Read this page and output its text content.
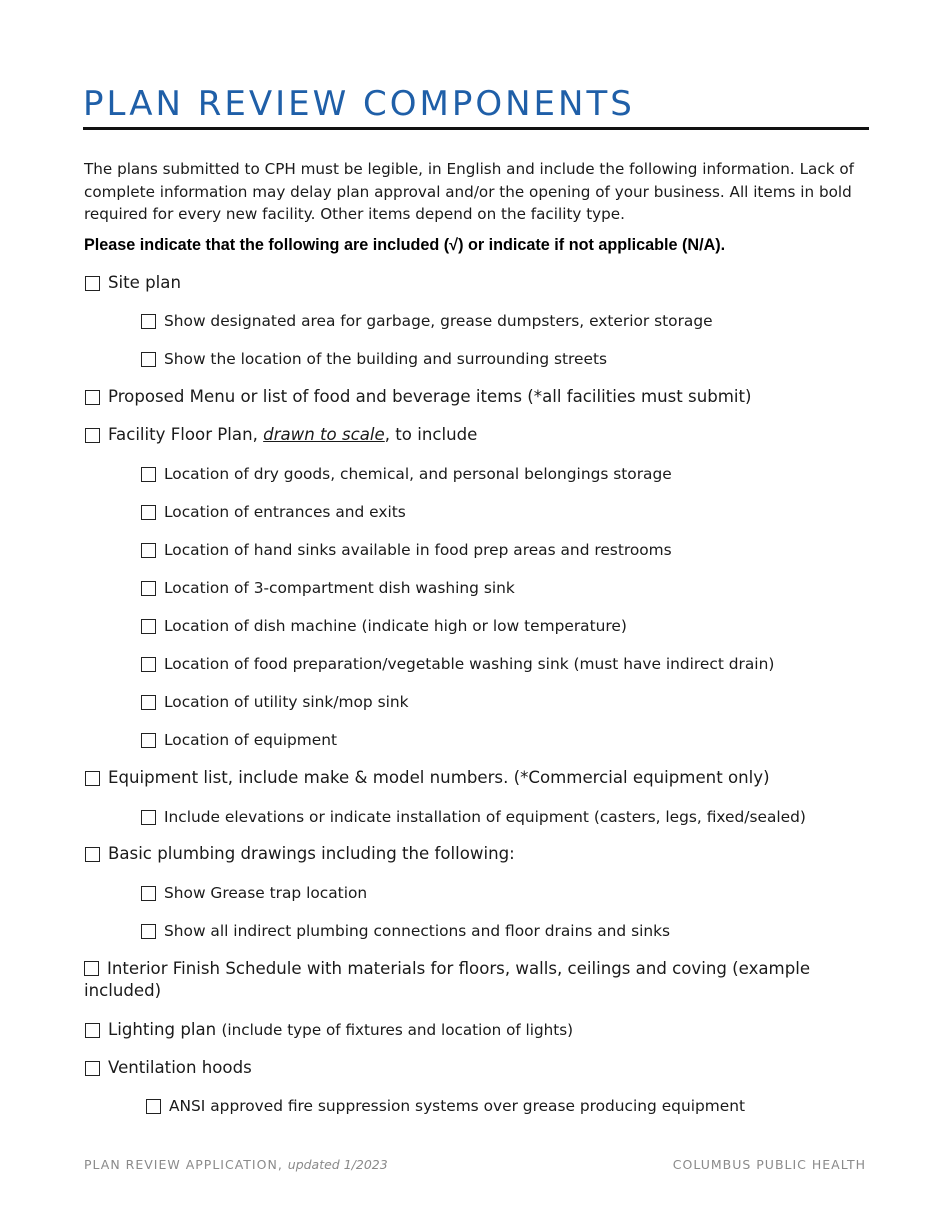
PLAN REVIEW COMPONENTS
The plans submitted to CPH must be legible, in English and include the following information. Lack of complete information may delay plan approval and/or the opening of your business. All items in bold required for every new facility. Other items depend on the facility type.
Please indicate that the following are included (√) or indicate if not applicable (N/A).
Site plan
Show designated area for garbage, grease dumpsters, exterior storage
Show the location of the building and surrounding streets
Proposed Menu or list of food and beverage items (*all facilities must submit)
Facility Floor Plan, drawn to scale, to include
Location of dry goods, chemical, and personal belongings storage
Location of entrances and exits
Location of hand sinks available in food prep areas and restrooms
Location of 3-compartment dish washing sink
Location of dish machine (indicate high or low temperature)
Location of food preparation/vegetable washing sink (must have indirect drain)
Location of utility sink/mop sink
Location of equipment
Equipment list, include make & model numbers. (*Commercial equipment only)
Include elevations or indicate installation of equipment (casters, legs, fixed/sealed)
Basic plumbing drawings including the following:
Show Grease trap location
Show all indirect plumbing connections and floor drains and sinks
Interior Finish Schedule with materials for floors, walls, ceilings and coving (example included)
Lighting plan (include type of fixtures and location of lights)
Ventilation hoods
ANSI approved fire suppression systems over grease producing equipment
PLAN REVIEW APPLICATION, updated 1/2023	COLUMBUS PUBLIC HEALTH
